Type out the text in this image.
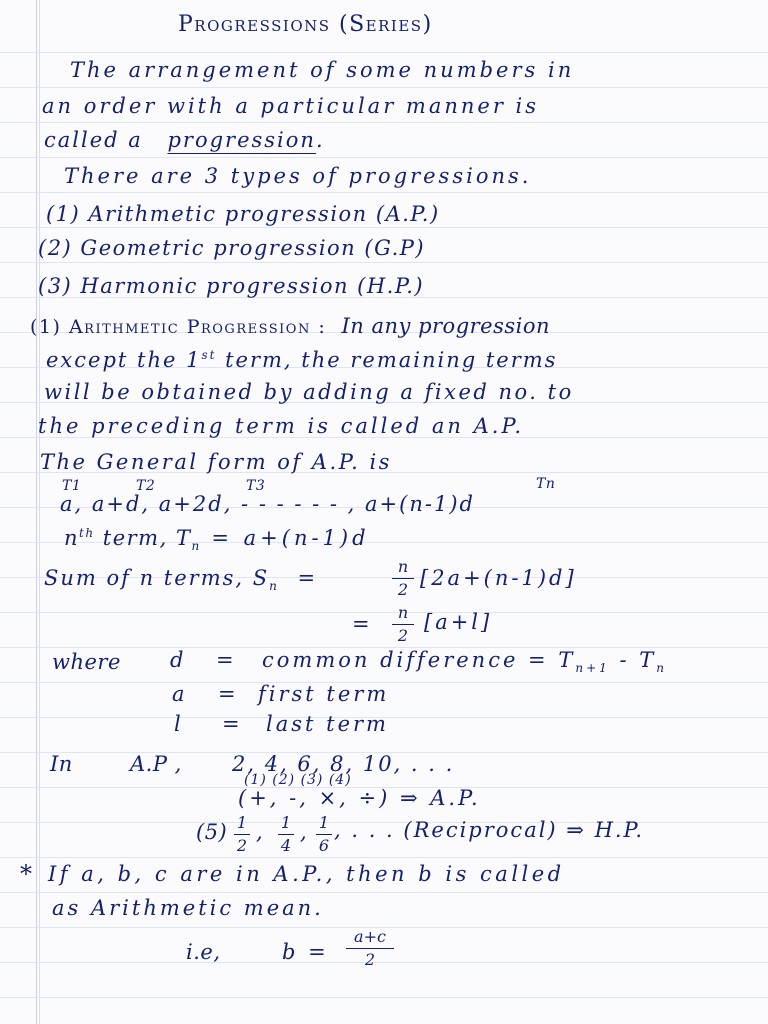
Progressions (Series)
The arrangement of some numbers in
an order with a particular manner is
called a progression.
There are 3 types of progressions.
(1) Arithmetic progression (A.P.)
(2) Geometric progression (G.P)
(3) Harmonic progression (H.P.)
(1) Arithmetic Progression : In any progression
except the 1st term, the remaining terms
will be obtained by adding a fixed no. to
the preceding term is called an A.P.
The General form of A.P. is
T1	T2	T3	Tn
a, a+d, a+2d, - - - - - - , a+(n-1)d
$n^{th}$ term, $T_n = a+(n-1)d$
Sum of n terms, $S_n$ =	n
2 [2a+(n-1)d]
=	n
2
[a+l]
where d = common difference = $T_{n+1} - T_n$
a = first term
l = last term
In	A.P , 2, 4, 6, 8, 10, . . .
(1) (2) (3) (4)
(+, -, ×, ÷) ⇒ A.P.
(5) 1
2
, 1
4
, 1
6
, . . . (Reciprocal) ⇒ H.P.
* If a, b, c are in A.P., then b is called
as Arithmetic mean.
i.e,	b =
a+c
2
